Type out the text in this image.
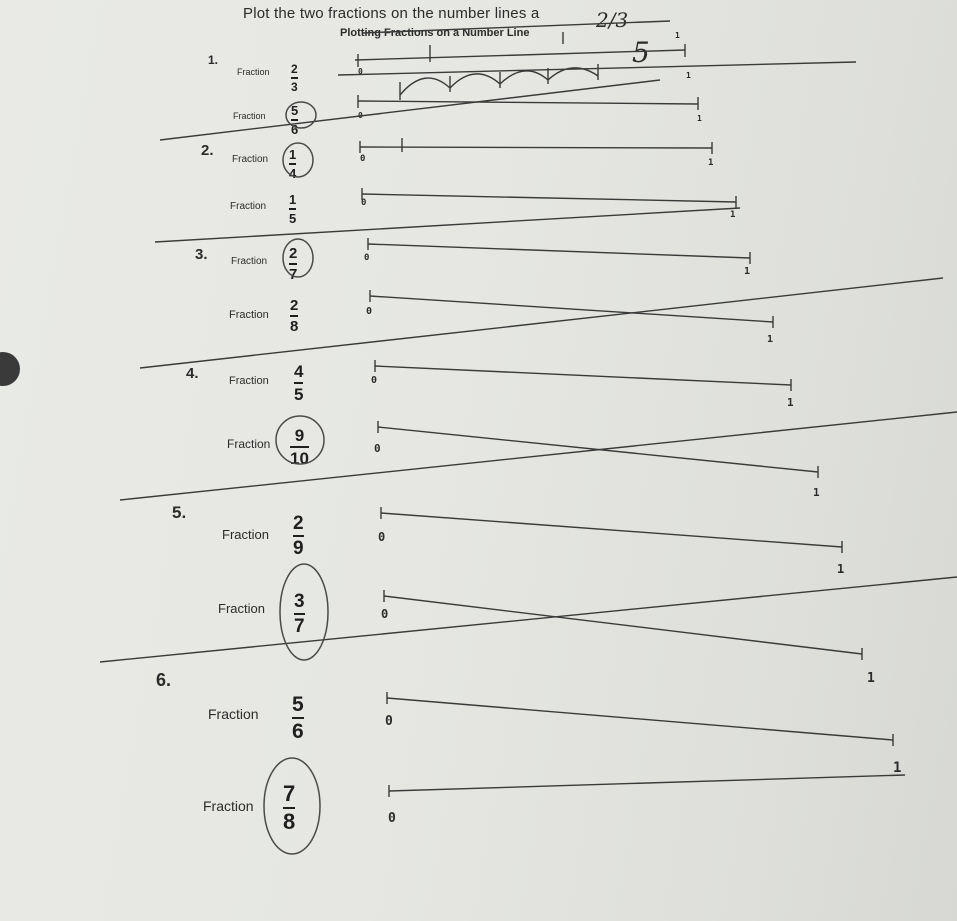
Plot the two fractions on the number lines a
Plotting Fractions on a Number Line
2/3
5
1.
2.
3.
4.
5.
6.
Fraction
Fraction
Fraction
Fraction
Fraction
Fraction
Fraction
Fraction
Fraction
Fraction
Fraction
Fraction
2
3
5
6
1
4
1
5
2
7
2
8
4
5
9
10
2
9
3
7
5
6
7
8
0
0
0
0
0
0
0
0
0
0
0
0
1
1
1
1
1
1
1
1
1
1
1
1
